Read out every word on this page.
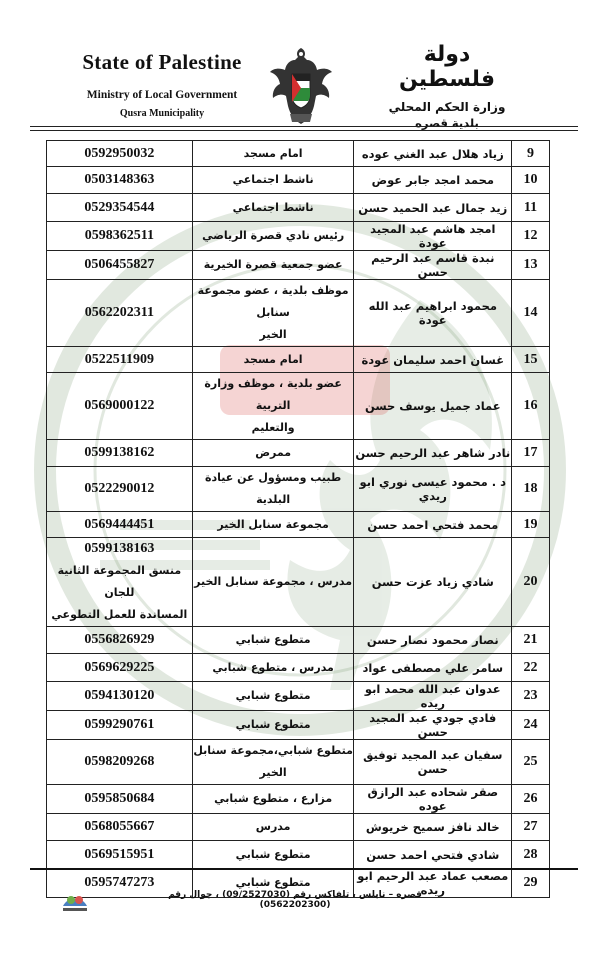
State of Palestine
Ministry of Local Government
Qusra Municipality
دولة فلسطين
وزارة الحكم المحلي
بلدية قصره
9	زياد هلال عبد الغني عوده	امام مسجد	0592950032

10	محمد امجد جابر عوض	ناشط اجتماعي	0503148363

11	زيد جمال عبد الحميد حسن	ناشط اجتماعي	0529354544

12	امجد هاشم عبد المجيد عودة	رئيس نادي قصرة الرياضي	0598362511

13	نبدة قاسم عبد الرحيم حسن	عضو جمعية قصرة الخيرية	0506455827

14	محمود ابراهيم عبد الله عودة	موظف بلدية ، عضو مجموعة سنابل
الخير	0562202311

15	غسان احمد سليمان عودة	امام مسجد	0522511909

16	عماد جميل يوسف حسن	عضو بلدية ، موظف وزارة التربية
والتعليم	0569000122

17	نادر شاهر عبد الرحيم حسن	ممرض	0599138162

18	د . محمود عيسى نوري ابو ريدي	طبيب ومسؤول عن عيادة البلدية	0522290012

19	محمد فتحي احمد حسن	مجموعة سنابل الخير	0569444451

20	شادي زياد عزت حسن	مدرس ، مجموعة سنابل الخير	0599138163
منسق المجموعة الثانية للجان
المساندة للعمل التطوعي

21	نصار محمود نصار حسن	متطوع شبابي	0556826929

22	سامر علي مصطفى عواد	مدرس ، متطوع شبابي	0569629225

23	عدوان عبد الله محمد ابو ريده	متطوع شبابي	0594130120

24	فادي جودي عبد المجيد حسن	متطوع شبابي	0599290761

25	سفيان عبد المجيد توفيق حسن	متطوع شبابي،مجموعة سنابل الخير	0598209268

26	صقر شحاده عبد الرازق عوده	مزارع ، متطوع شبابي	0595850684

27	خالد نافز سميح خريوش	مدرس	0568055667

28	شادي فتحي احمد حسن	متطوع شبابي	0569515951

29	مصعب عماد عبد الرحيم ابو ريده	متطوع شبابي	0595747273
قصره – نابلس ، تلفاكس رقم (09/2527030) ، جوال رقم (0562202300)
